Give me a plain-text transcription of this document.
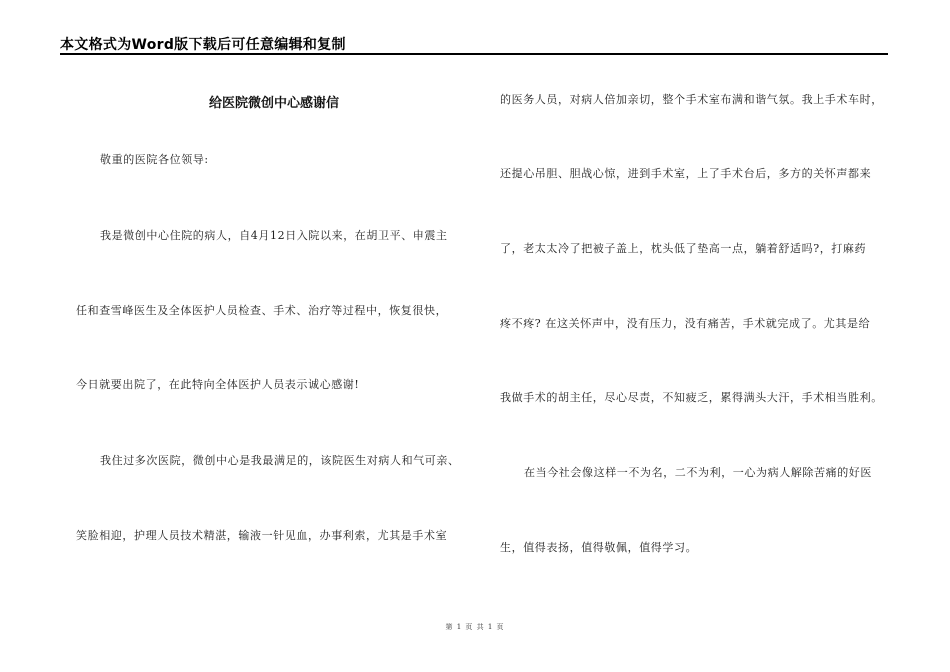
本文格式为Word版下载后可任意编辑和复制
给医院微创中心感谢信
敬重的医院各位领导:
我是微创中心住院的病人，自4月12日入院以来，在胡卫平、申震主
任和查雪峰医生及全体医护人员检查、手术、治疗等过程中，恢复很快，
今日就要出院了，在此特向全体医护人员表示诚心感谢!
我住过多次医院，微创中心是我最满足的，该院医生对病人和气可亲、
笑脸相迎，护理人员技术精湛，输液一针见血，办事利索，尤其是手术室
的医务人员，对病人倍加亲切，整个手术室布满和谐气氛。我上手术车时，
还提心吊胆、胆战心惊，进到手术室，上了手术台后，多方的关怀声都来
了，老太太冷了把被子盖上，枕头低了垫高一点，躺着舒适吗?，打麻药
疼不疼? 在这关怀声中，没有压力，没有痛苦，手术就完成了。尤其是给
我做手术的胡主任，尽心尽责，不知疲乏，累得满头大汗，手术相当胜利。
在当今社会像这样一不为名，二不为利，一心为病人解除苦痛的好医
生，值得表扬，值得敬佩，值得学习。
第 1 页 共 1 页
